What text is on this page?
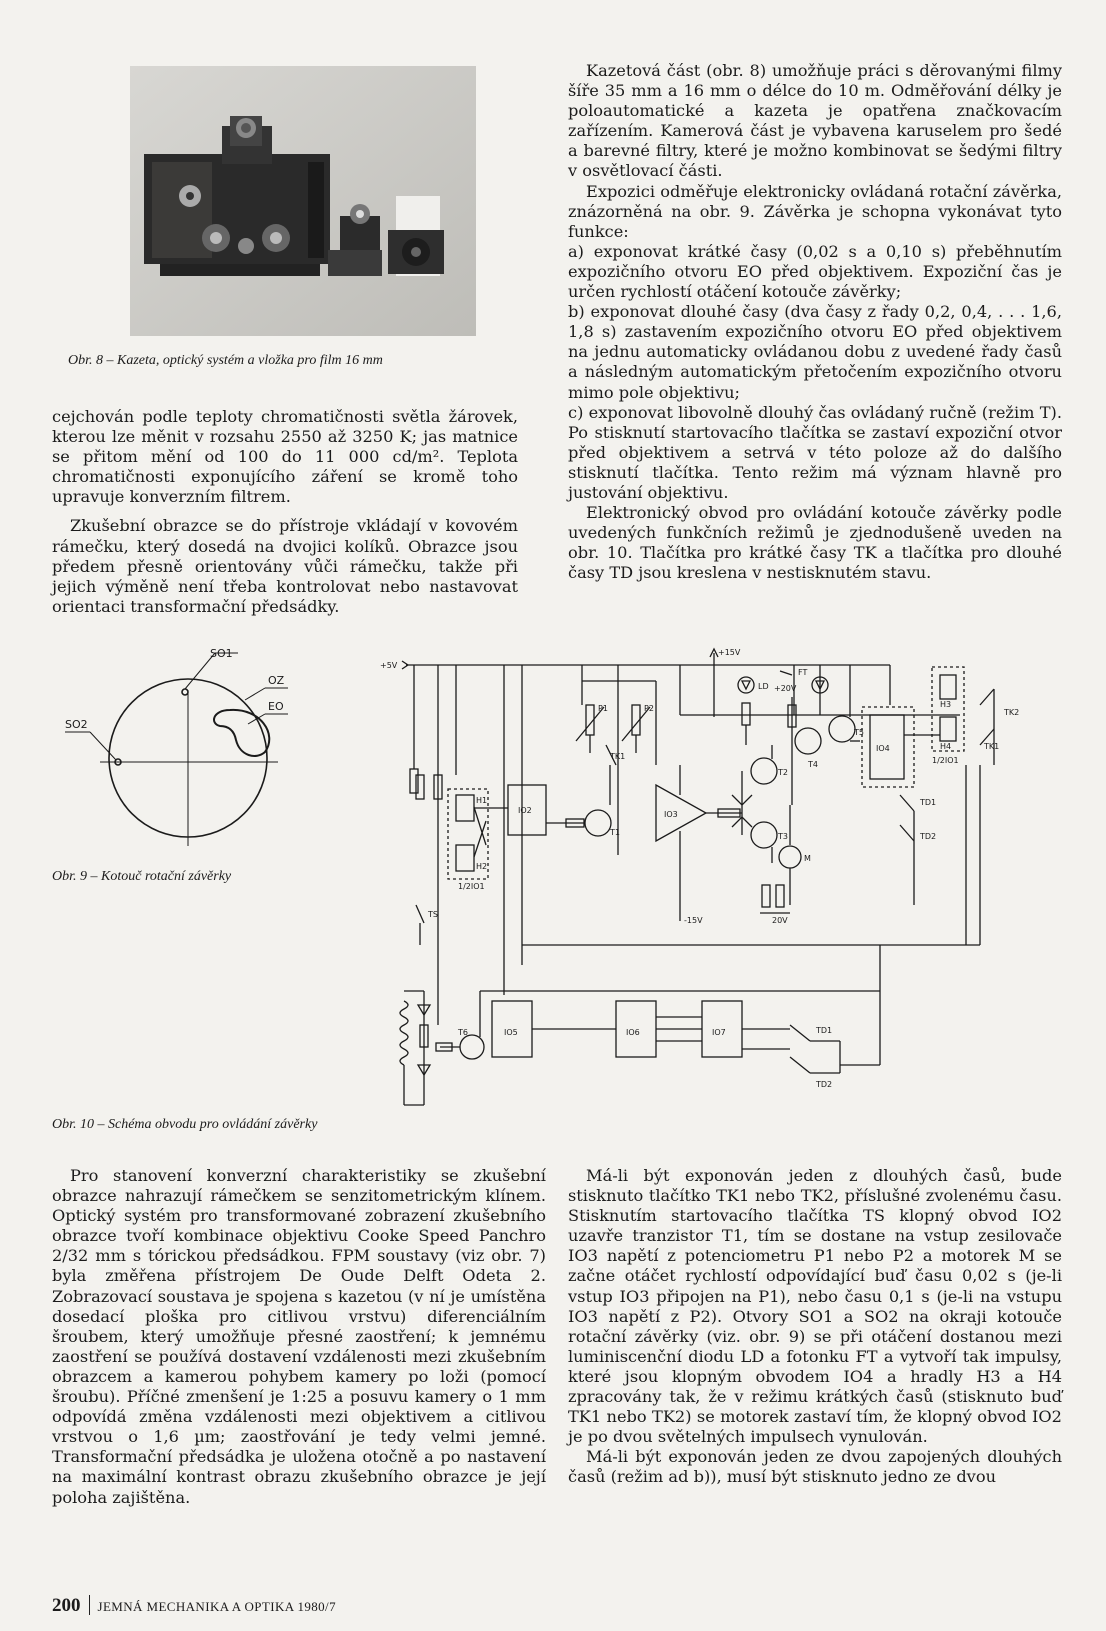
Obr. 8 – Kazeta, optický systém a vložka pro film 16 mm

cejchován podle teploty chromatičnosti světla žárovek, kterou lze měnit v rozsahu 2550 až 3250 K; jas matnice se přitom mění od 100 do 11 000 cd/m². Teplota chromatičnosti exponujícího záření se kromě toho upravuje konverzním filtrem.

Zkušební obrazce se do přístroje vkládají v kovovém rámečku, který dosedá na dvojici kolíků. Obrazce jsou předem přesně orientovány vůči rámečku, takže při jejich výměně není třeba kontrolovat nebo nastavovat orientaci transformační předsádky.

Kazetová část (obr. 8) umožňuje práci s děrovanými filmy šíře 35 mm a 16 mm o délce do 10 m. Odměřování délky je poloautomatické a kazeta je opatřena značkovacím zařízením. Kamerová část je vybavena karuselem pro šedé a barevné filtry, které je možno kombinovat se šedými filtry v osvětlovací části.

Expozici odměřuje elektronicky ovládaná rotační závěrka, znázorněná na obr. 9. Závěrka je schopna vykonávat tyto funkce:

a) exponovat krátké časy (0,02 s a 0,10 s) přeběhnutím expozičního otvoru EO před objektivem. Expoziční čas je určen rychlostí otáčení kotouče závěrky;

b) exponovat dlouhé časy (dva časy z řady 0,2, 0,4, . . . 1,6, 1,8 s) zastavením expozičního otvoru EO před objektivem na jednu automaticky ovládanou dobu z uvedené řady časů a následným automatickým přetočením expozičního otvoru mimo pole objektivu;

c) exponovat libovolně dlouhý čas ovládaný ručně (režim T). Po stisknutí startovacího tlačítka se zastaví expoziční otvor před objektivem a setrvá v této poloze až do dalšího stisknutí tlačítka. Tento režim má význam hlavně pro justování objektivu.

Elektronický obvod pro ovládání kotouče závěrky podle uvedených funkčních režimů je zjednodušeně uveden na obr. 10. Tlačítka pro krátké časy TK a tlačítka pro dlouhé časy TD jsou kreslena v nestisknutém stavu.

SO1
OZ
EO
SO2
Obr. 9 – Kotouč rotační závěrky
+5V
+15V
-15V
+20V
20V
LD
FT
P1	P2
TK1
TK1
TK2
IO2	IO3
IO4
IO5	IO6	IO7
T1
T2
T3
T4
T5
T6
M
H1
H2
H3
H4
1/2IO1
1/2IO1
TS
TD1
TD2
TD1
TD2
Obr. 10 – Schéma obvodu pro ovládání závěrky

Pro stanovení konverzní charakteristiky se zkušební obrazce nahrazují rámečkem se senzitometrickým klínem. Optický systém pro transformované zobrazení zkušebního obrazce tvoří kombinace objektivu Cooke Speed Panchro 2/32 mm s tórickou předsádkou. FPM soustavy (viz obr. 7) byla změřena přístrojem De Oude Delft Odeta 2. Zobrazovací soustava je spojena s kazetou (v ní je umístěna dosedací ploška pro citlivou vrstvu) diferenciálním šroubem, který umožňuje přesné zaostření; k jemnému zaostření se používá dostavení vzdálenosti mezi zkušebním obrazcem a kamerou pohybem kamery po loži (pomocí šroubu). Příčné zmenšení je 1:25 a posuvu kamery o 1 mm odpovídá změna vzdálenosti mezi objektivem a citlivou vrstvou o 1,6 µm; zaostřování je tedy velmi jemné. Transformační předsádka je uložena otočně a po nastavení na maximální kontrast obrazu zkušebního obrazce je její poloha zajištěna.

Má-li být exponován jeden z dlouhých časů, bude stisknuto tlačítko TK1 nebo TK2, příslušné zvolenému času. Stisknutím startovacího tlačítka TS klopný obvod IO2 uzavře tranzistor T1, tím se dostane na vstup zesilovače IO3 napětí z potenciometru P1 nebo P2 a motorek M se začne otáčet rychlostí odpovídající buď času 0,02 s (je-li vstup IO3 připojen na P1), nebo času 0,1 s (je-li na vstupu IO3 napětí z P2). Otvory SO1 a SO2 na okraji kotouče rotační závěrky (viz. obr. 9) se při otáčení dostanou mezi luminiscenční diodu LD a fotonku FT a vytvoří tak impulsy, které jsou klopným obvodem IO4 a hradly H3 a H4 zpracovány tak, že v režimu krátkých časů (stisknuto buď TK1 nebo TK2) se motorek zastaví tím, že klopný obvod IO2 je po dvou světelných impulsech vynulován.

Má-li být exponován jeden ze dvou zapojených dlouhých časů (režim ad b)), musí být stisknuto jedno ze dvou

200 JEMNÁ MECHANIKA A OPTIKA 1980/7
